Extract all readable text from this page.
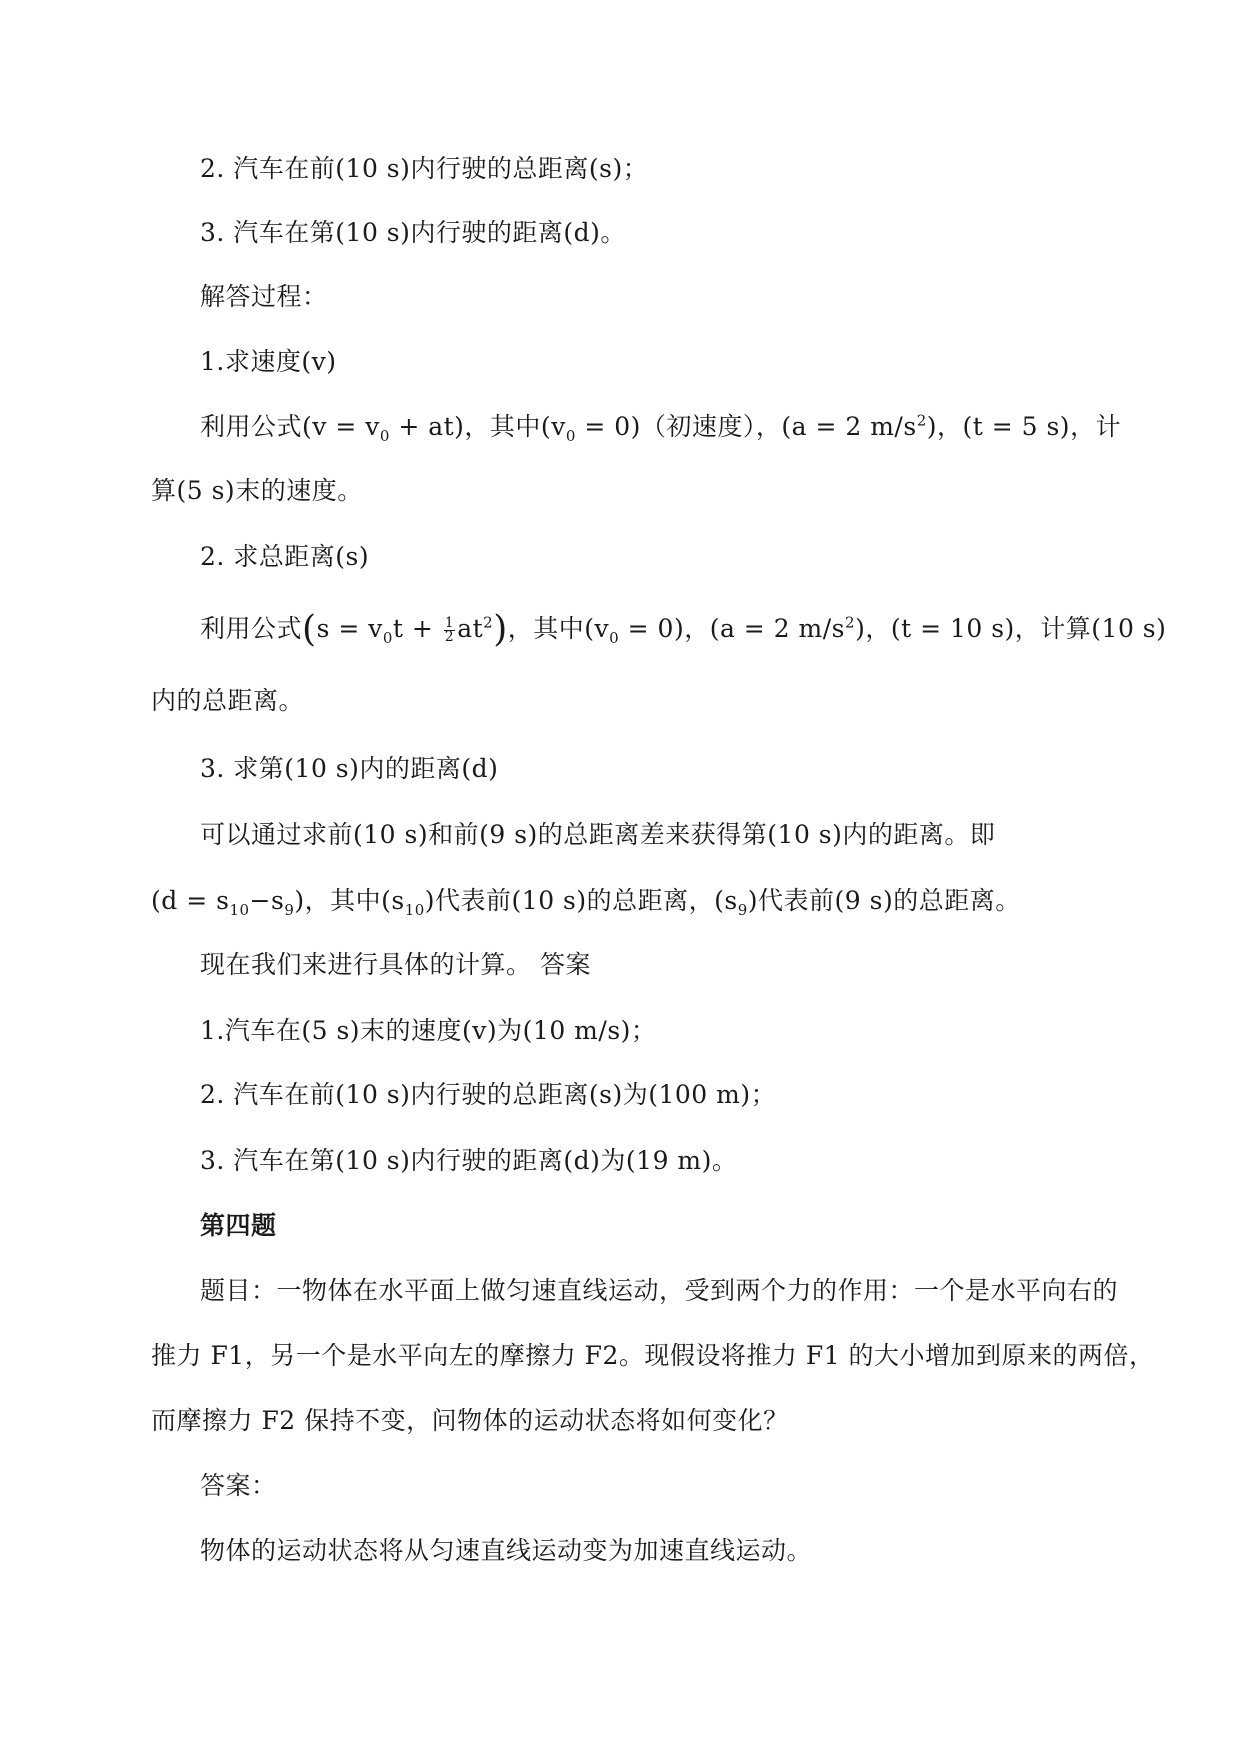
2. 汽车在前(10 s)内行驶的总距离(s)；
3. 汽车在第(10 s)内行驶的距离(d)。
解答过程：
1.求速度(v)
利用公式$(v = v_0 + at)$，其中$(v_0 = 0)$（初速度），(a = 2 $m/s^2$)，(t = 5 s)，计
算(5 s)末的速度。
2. 求总距离(s)
利用公式$(s = v_0t + \frac{1}{2} at^2)$，其中$(v_0 = 0)$，(a = 2 $m/s^2$)，(t = 10 s)，计算(10 s)
内的总距离。
3. 求第(10 s)内的距离(d)
可以通过求前(10 s)和前(9 s)的总距离差来获得第(10 s)内的距离。即
$(d = s_{10}-s_9)$，其中$(s_{10})$代表前(10 s)的总距离，$(s_9)$代表前(9 s)的总距离。
现在我们来进行具体的计算。 答案
1.汽车在(5 s)末的速度(v)为(10 m/s)；
2. 汽车在前(10 s)内行驶的总距离(s)为(100 m)；
3. 汽车在第(10 s)内行驶的距离(d)为(19 m)。
第四题
题目：一物体在水平面上做匀速直线运动，受到两个力的作用：一个是水平向右的
推力 F1，另一个是水平向左的摩擦力 F2。现假设将推力 F1 的大小增加到原来的两倍，
而摩擦力 F2 保持不变，问物体的运动状态将如何变化？
答案：
物体的运动状态将从匀速直线运动变为加速直线运动。
